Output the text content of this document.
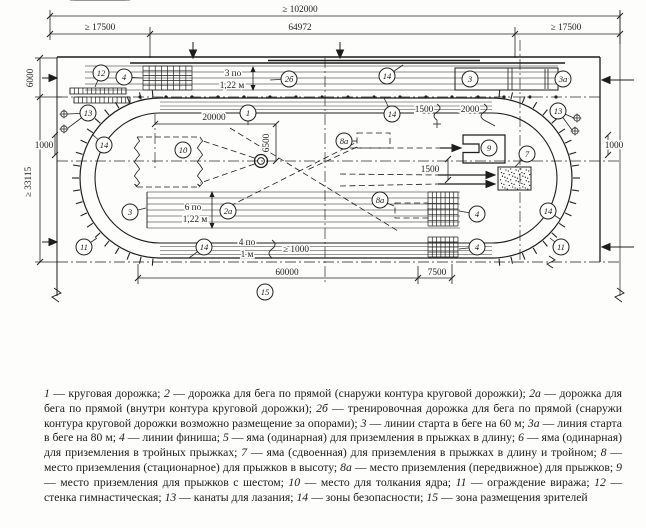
12 4	2б	14	3	3а
13	13
14
14
1
10
8а
9
7
3	2а
8а
14
14
11	11
4
4
15
≥ 102000
≥ 17500	64972	≥ 17500
6000
1000
≥ 33115
1000
20000
6500
1500	2000
1500
3 по
1,22 м
6 по
1,22 м
4 по
1 м	≥ 1000
60000	7500

1 — круговая дорожка; 2 — дорожка для бега по прямой (снаружи контура круговой дорожки); 2а — дорожка для бега по прямой (внутри контура круговой дорожки); 2б — тренировочная дорожка для бега по прямой (снаружи контура круговой дорожки возможно размещение за опорами); 3 — линии старта в беге на 60 м; 3а — линия старта в беге на 80 м; 4 — линии финиша; 5 — яма (одинарная) для приземления в прыжках в длину; 6 — яма (одинарная) для приземления в тройных прыжках; 7 — яма (сдвоенная) для приземления в прыжках в длину и тройном; 8 — место приземления (стационарное) для прыжков в высоту; 8а — место приземления (передвижное) для прыжков; 9 — место приземления для прыжков с шестом; 10 — место для толкания ядра; 11 — ограждение виража; 12 — стенка гимнастическая; 13 — канаты для лазания; 14 — зоны безопасности; 15 — зона размещения зрителей
